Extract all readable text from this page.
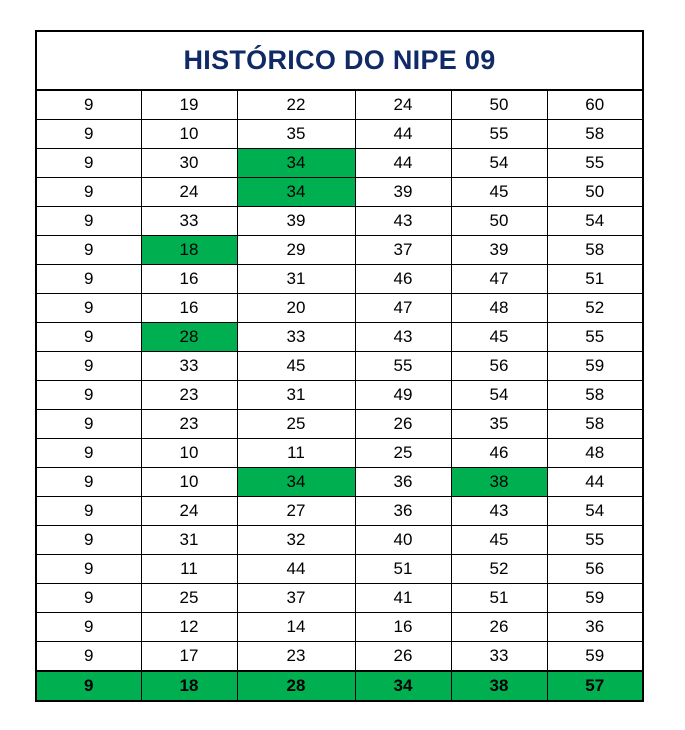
HISTÓRICO DO NIPE 09					
9	19	22	24	50	60
9	10	35	44	55	58
9	30	34	44	54	55
9	24	34	39	45	50
9	33	39	43	50	54
9	18	29	37	39	58
9	16	31	46	47	51
9	16	20	47	48	52
9	28	33	43	45	55
9	33	45	55	56	59
9	23	31	49	54	58
9	23	25	26	35	58
9	10	11	25	46	48
9	10	34	36	38	44
9	24	27	36	43	54
9	31	32	40	45	55
9	11	44	51	52	56
9	25	37	41	51	59
9	12	14	16	26	36
9	17	23	26	33	59
9	18	28	34	38	57
